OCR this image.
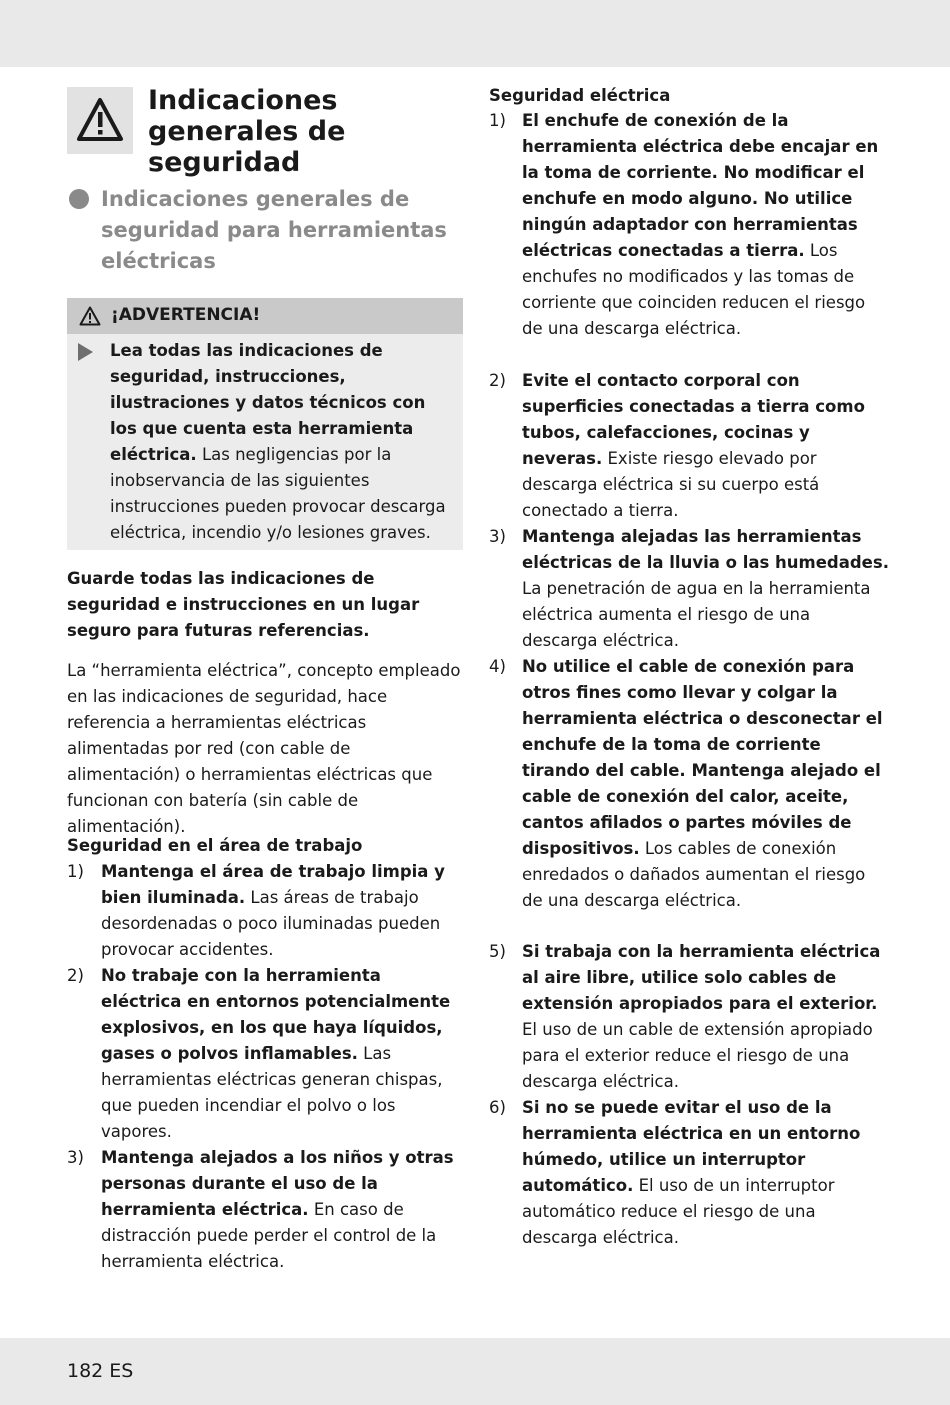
Indicaciones generales de seguridad
Indicaciones generales de seguridad para herramientas eléctricas
¡ADVERTENCIA!
Lea todas las indicaciones de seguridad, instrucciones, ilustraciones y datos técnicos con los que cuenta esta herramienta eléctrica. Las negligencias por la inobservancia de las siguientes instrucciones pueden provocar descarga eléctrica, incendio y/o lesiones graves.
Guarde todas las indicaciones de seguridad e instrucciones en un lugar seguro para futuras referencias.
La “herramienta eléctrica”, concepto empleado en las indicaciones de seguridad, hace referencia a herramientas eléctricas alimentadas por red (con cable de alimentación) o herramientas eléctricas que funcionan con batería (sin cable de alimentación).
Seguridad en el área de trabajo
1) Mantenga el área de trabajo limpia y bien iluminada. Las áreas de trabajo desordenadas o poco iluminadas pueden provocar accidentes.
2) No trabaje con la herramienta eléctrica en entornos potencialmente explosivos, en los que haya líquidos, gases o polvos inflamables. Las herramientas eléctricas generan chispas, que pueden incendiar el polvo o los vapores.
3) Mantenga alejados a los niños y otras personas durante el uso de la herramienta eléctrica. En caso de distracción puede perder el control de la herramienta eléctrica.
Seguridad eléctrica
1) El enchufe de conexión de la herramienta eléctrica debe encajar en la toma de corriente. No modificar el enchufe en modo alguno. No utilice ningún adaptador con herramientas eléctricas conectadas a tierra. Los enchufes no modificados y las tomas de corriente que coinciden reducen el riesgo de una descarga eléctrica.
2) Evite el contacto corporal con superficies conectadas a tierra como tubos, calefacciones, cocinas y neveras. Existe riesgo elevado por descarga eléctrica si su cuerpo está conectado a tierra.
3) Mantenga alejadas las herramientas eléctricas de la lluvia o las humedades. La penetración de agua en la herramienta eléctrica aumenta el riesgo de una descarga eléctrica.
4) No utilice el cable de conexión para otros fines como llevar y colgar la herramienta eléctrica o desconectar el enchufe de la toma de corriente tirando del cable. Mantenga alejado el cable de conexión del calor, aceite, cantos afilados o partes móviles de dispositivos. Los cables de conexión enredados o dañados aumentan el riesgo de una descarga eléctrica.
5) Si trabaja con la herramienta eléctrica al aire libre, utilice solo cables de extensión apropiados para el exterior. El uso de un cable de extensión apropiado para el exterior reduce el riesgo de una descarga eléctrica.
6) Si no se puede evitar el uso de la herramienta eléctrica en un entorno húmedo, utilice un interruptor automático. El uso de un interruptor automático reduce el riesgo de una descarga eléctrica.
182 ES
